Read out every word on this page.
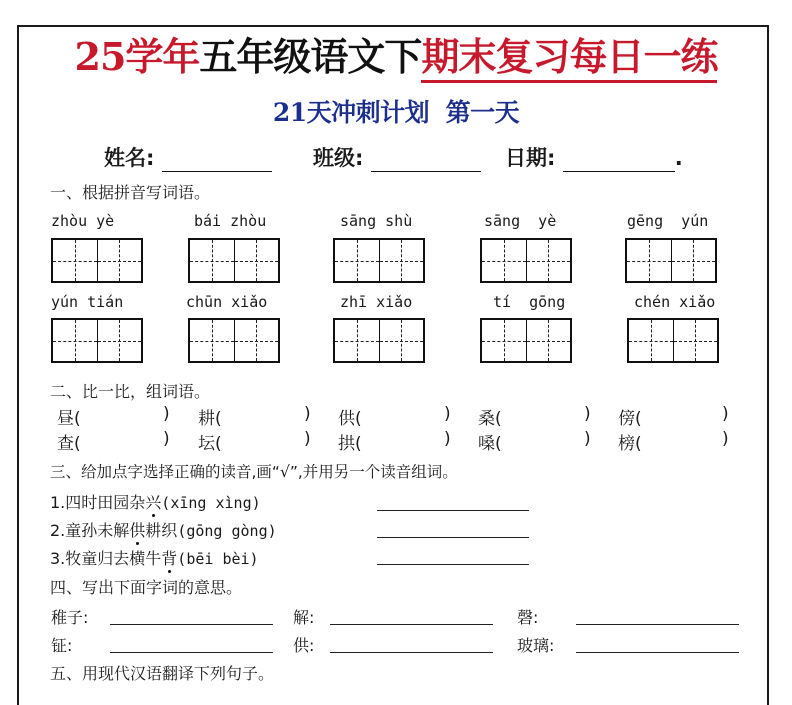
25学年五年级语文下期末复习每日一练
21天冲刺计划  第一天
姓名:	班级:	日期:	.
一、根据拼音写词语。
zhòu yè	bái zhòu	sāng shù	sāng  yè	gēng  yún
yún tián	chūn xiǎo	zhī xiǎo	tí  gōng	chén xiǎo
二、比一比，组词语。
昼(	) 耕(	) 供(	) 桑(	) 傍(	)
查(	) 坛(	) 拱(	) 嗓(	) 榜(	)
三、给加点字选择正确的读音,画“√”,并用另一个读音组词。
1.四时田园杂兴(xīng xìng)
2.童孙未解供耕织(gōng gòng)
3.牧童归去横牛背(bēi bèi)
四、写出下面字词的意思。
稚子:	解:	磬:
钲:	供:	玻璃:
五、用现代汉语翻译下列句子。
